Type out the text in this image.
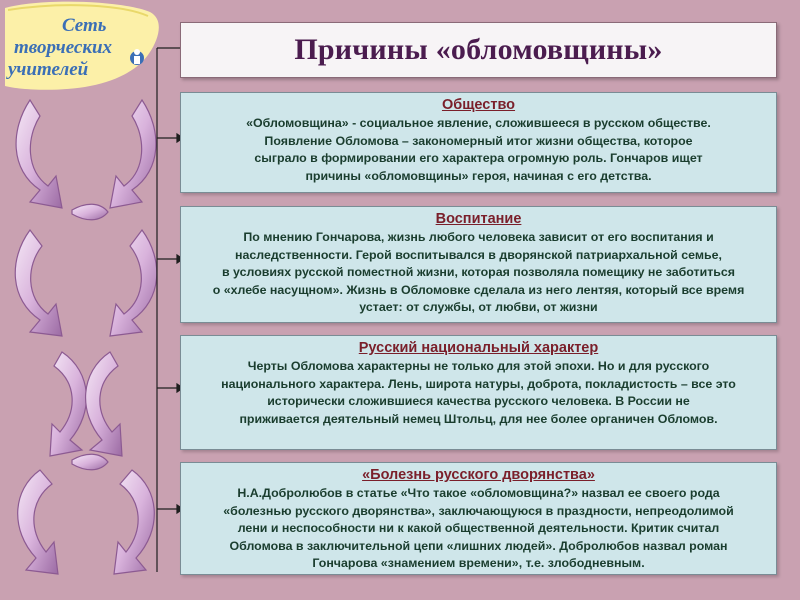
Сеть
творческих
учителей
Причины «обломовщины»
Общество
«Обломовщина» - социальное явление, сложившееся в русском обществе.
Появление Обломова – закономерный итог жизни общества, которое
сыграло в формировании его характера огромную роль. Гончаров ищет
причины «обломовщины» героя, начиная с его детства.
Воспитание
По мнению Гончарова, жизнь любого человека зависит от его воспитания и
наследственности. Герой воспитывался в дворянской патриархальной семье,
в условиях русской поместной жизни, которая позволяла помещику не заботиться
о «хлебе насущном». Жизнь в Обломовке сделала из него лентяя, который все время
устает: от службы, от любви, от жизни
Русский национальный характер
Черты Обломова характерны не только для этой эпохи. Но и для русского
национального характера. Лень, широта натуры, доброта, покладистость – все это
исторически сложившиеся качества русского человека. В России не
приживается деятельный немец Штольц, для нее более органичен Обломов.
«Болезнь русского дворянства»
Н.А.Добролюбов в статье «Что такое «обломовщина?» назвал ее своего рода
«болезнью русского дворянства», заключающуюся в праздности, непреодолимой
лени и неспособности ни к какой общественной деятельности. Критик считал
Обломова в заключительной цепи «лишних людей». Добролюбов назвал роман
Гончарова «знамением времени», т.е. злободневным.
